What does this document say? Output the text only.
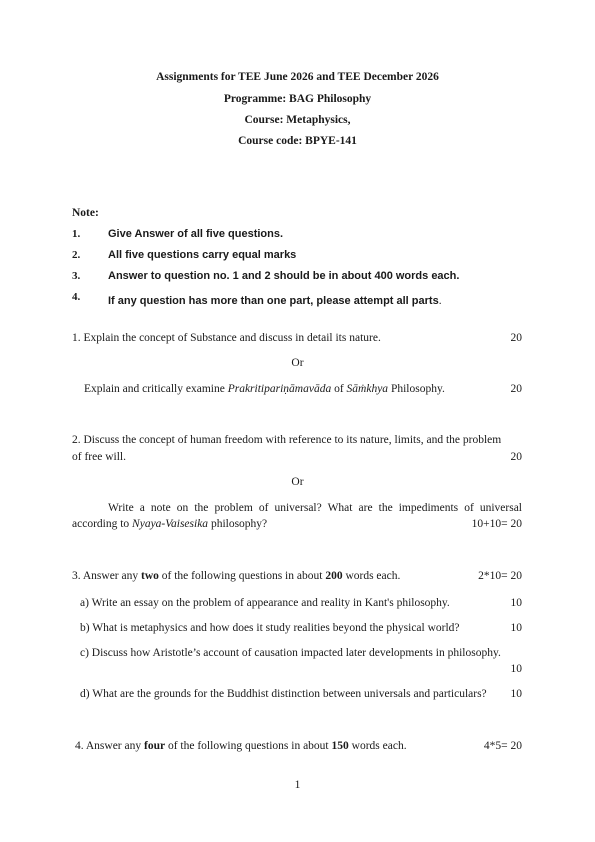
Assignments for TEE June 2026 and TEE December 2026
Programme: BAG Philosophy
Course: Metaphysics,
Course code: BPYE-141
Note:
1.	Give Answer of all five questions.
2.	All five questions carry equal marks
3.	Answer to question no. 1 and 2 should be in about 400 words each.
4.	If any question has more than one part, please attempt all parts.
1. Explain the concept of Substance and discuss in detail its nature.	20
Or
Explain and critically examine Prakritipariṇāmavāda of Sāṁkhya Philosophy.	20
2. Discuss the concept of human freedom with reference to its nature, limits, and the problem
of free will.	20
Or
Write a note on the problem of universal? What are the impediments of universal
according to Nyaya-Vaisesika philosophy?	10+10= 20
3. Answer any two of the following questions in about 200 words each.	2*10= 20
a) Write an essay on the problem of appearance and reality in Kant's philosophy.	10
b) What is metaphysics and how does it study realities beyond the physical world?	10
c) Discuss how Aristotle’s account of causation impacted later developments in philosophy.
10
d) What are the grounds for the Buddhist distinction between universals and particulars? 10
4. Answer any four of the following questions in about 150 words each.	4*5= 20
1
